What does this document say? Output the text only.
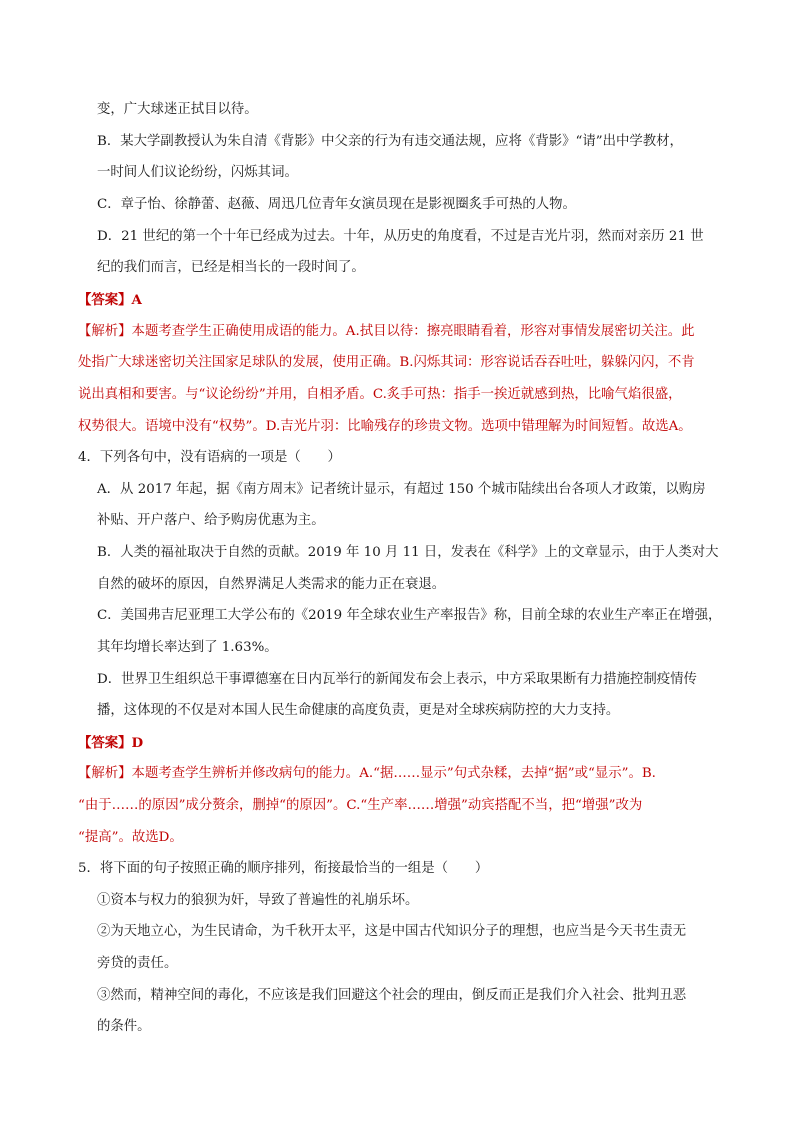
变，广大球迷正拭目以待。
B．某大学副教授认为朱自清《背影》中父亲的行为有违交通法规，应将《背影》“请”出中学教材，
一时间人们议论纷纷，闪烁其词。
C．章子怡、徐静蕾、赵薇、周迅几位青年女演员现在是影视圈炙手可热的人物。
D．21 世纪的第一个十年已经成为过去。十年，从历史的角度看，不过是吉光片羽，然而对亲历 21 世
纪的我们而言，已经是相当长的一段时间了。
【答案】A
【解析】本题考查学生正确使用成语的能力。A.拭目以待：擦亮眼睛看着，形容对事情发展密切关注。此
处指广大球迷密切关注国家足球队的发展，使用正确。B.闪烁其词：形容说话吞吞吐吐，躲躲闪闪，不肯
说出真相和要害。与“议论纷纷”并用，自相矛盾。C.炙手可热：指手一挨近就感到热，比喻气焰很盛，
权势很大。语境中没有“权势”。D.吉光片羽：比喻残存的珍贵文物。选项中错理解为时间短暂。故选A。
4．下列各句中，没有语病的一项是（　　）
A．从 2017 年起，据《南方周末》记者统计显示，有超过 150 个城市陆续出台各项人才政策，以购房
补贴、开户落户、给予购房优惠为主。
B．人类的福祉取决于自然的贡献。2019 年 10 月 11 日，发表在《科学》上的文章显示，由于人类对大
自然的破坏的原因，自然界满足人类需求的能力正在衰退。
C．美国弗吉尼亚理工大学公布的《2019 年全球农业生产率报告》称，目前全球的农业生产率正在增强，
其年均增长率达到了 1.63%。
D．世界卫生组织总干事谭德塞在日内瓦举行的新闻发布会上表示，中方采取果断有力措施控制疫情传
播，这体现的不仅是对本国人民生命健康的高度负责，更是对全球疾病防控的大力支持。
【答案】D
【解析】本题考查学生辨析并修改病句的能力。A.“据……显示”句式杂糅，去掉“据”或“显示”。B.
“由于……的原因”成分赘余，删掉“的原因”。C.“生产率……增强”动宾搭配不当，把“增强”改为
“提高”。故选D。
5．将下面的句子按照正确的顺序排列，衔接最恰当的一组是（　　）
①资本与权力的狼狈为奸，导致了普遍性的礼崩乐坏。
②为天地立心，为生民请命，为千秋开太平，这是中国古代知识分子的理想，也应当是今天书生责无
旁贷的责任。
③然而，精神空间的毒化，不应该是我们回避这个社会的理由，倒反而正是我们介入社会、批判丑恶
的条件。
